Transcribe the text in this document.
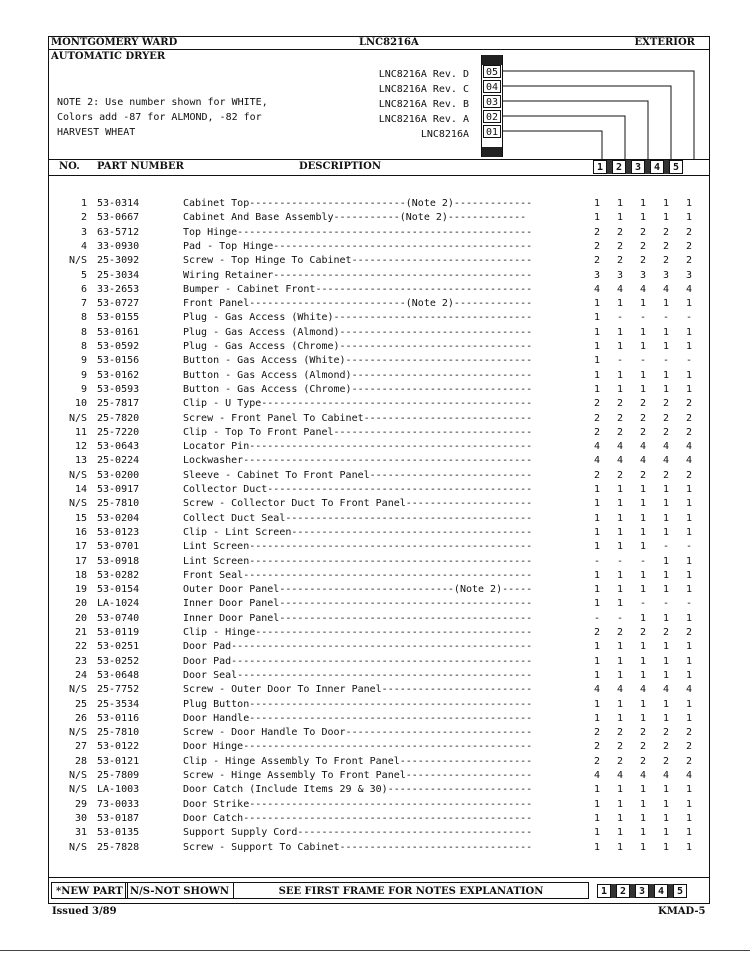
MONTGOMERY WARD	LNC8216A	EXTERIOR
AUTOMATIC DRYER
NOTE 2: Use number shown for WHITE,
Colors add -87 for ALMOND, -82 for
HARVEST WHEAT
LNC8216A Rev. D
LNC8216A Rev. C
LNC8216A Rev. B
LNC8216A Rev. A
LNC8216A
05
04
03
02
01
NO. PART NUMBER	DESCRIPTION	1	2	3	4	5
1 53-0314	Cabinet Top--------------------------(Note 2)-------------	1 1 1 1 1
2 53-0667	Cabinet And Base Assembly-----------(Note 2)-------------	1 1 1 1 1
3 63-5712	Top Hinge-------------------------------------------------	2 2 2 2 2
4 33-0930	Pad - Top Hinge-------------------------------------------	2 2 2 2 2
N/S 25-3092	Screw - Top Hinge To Cabinet------------------------------	2 2 2 2 2
5 25-3034	Wiring Retainer-------------------------------------------	3 3 3 3 3
6 33-2653	Bumper - Cabinet Front------------------------------------	4 4 4 4 4
7 53-0727	Front Panel--------------------------(Note 2)-------------	1 1 1 1 1
8 53-0155	Plug - Gas Access (White)---------------------------------	1 - - - -
8 53-0161	Plug - Gas Access (Almond)--------------------------------	1 1 1 1 1
8 53-0592	Plug - Gas Access (Chrome)--------------------------------	1 1 1 1 1
9 53-0156	Button - Gas Access (White)-------------------------------	1 - - - -
9 53-0162	Button - Gas Access (Almond)------------------------------	1 1 1 1 1
9 53-0593	Button - Gas Access (Chrome)------------------------------	1 1 1 1 1
10 25-7817	Clip - U Type---------------------------------------------	2 2 2 2 2
N/S 25-7820	Screw - Front Panel To Cabinet----------------------------	2 2 2 2 2
11 25-7220	Clip - Top To Front Panel---------------------------------	2 2 2 2 2
12 53-0643	Locator Pin-----------------------------------------------	4 4 4 4 4
13 25-0224	Lockwasher------------------------------------------------	4 4 4 4 4
N/S 53-0200	Sleeve - Cabinet To Front Panel---------------------------	2 2 2 2 2
14 53-0917	Collector Duct--------------------------------------------	1 1 1 1 1
N/S 25-7810	Screw - Collector Duct To Front Panel---------------------	1 1 1 1 1
15 53-0204	Collect Duct Seal-----------------------------------------	1 1 1 1 1
16 53-0123	Clip - Lint Screen----------------------------------------	1 1 1 1 1
17 53-0701	Lint Screen-----------------------------------------------	1 1 1 - -
17 53-0918	Lint Screen-----------------------------------------------	- - - 1 1
18 53-0282	Front Seal------------------------------------------------	1 1 1 1 1
19 53-0154	Outer Door Panel-----------------------------(Note 2)-----	1 1 1 1 1
20 LA-1024	Inner Door Panel------------------------------------------	1 1 - - -
20 53-0740	Inner Door Panel------------------------------------------	- - 1 1 1
21 53-0119	Clip - Hinge----------------------------------------------	2 2 2 2 2
22 53-0251	Door Pad--------------------------------------------------	1 1 1 1 1
23 53-0252	Door Pad--------------------------------------------------	1 1 1 1 1
24 53-0648	Door Seal-------------------------------------------------	1 1 1 1 1
N/S 25-7752	Screw - Outer Door To Inner Panel-------------------------	4 4 4 4 4
25 25-3534	Plug Button-----------------------------------------------	1 1 1 1 1
26 53-0116	Door Handle-----------------------------------------------	1 1 1 1 1
N/S 25-7810	Screw - Door Handle To Door-------------------------------	2 2 2 2 2
27 53-0122	Door Hinge------------------------------------------------	2 2 2 2 2
28 53-0121	Clip - Hinge Assembly To Front Panel----------------------	2 2 2 2 2
N/S 25-7809	Screw - Hinge Assembly To Front Panel---------------------	4 4 4 4 4
N/S LA-1003	Door Catch (Include Items 29 & 30)------------------------	1 1 1 1 1
29 73-0033	Door Strike-----------------------------------------------	1 1 1 1 1
30 53-0187	Door Catch------------------------------------------------	1 1 1 1 1
31 53-0135	Support Supply Cord---------------------------------------	1 1 1 1 1
N/S 25-7828	Screw - Support To Cabinet--------------------------------	1 1 1 1 1
*NEW PART N/S-NOT SHOWN	SEE FIRST FRAME FOR NOTES EXPLANATION	1	2	3	4	5
Issued 3/89	KMAD-5
